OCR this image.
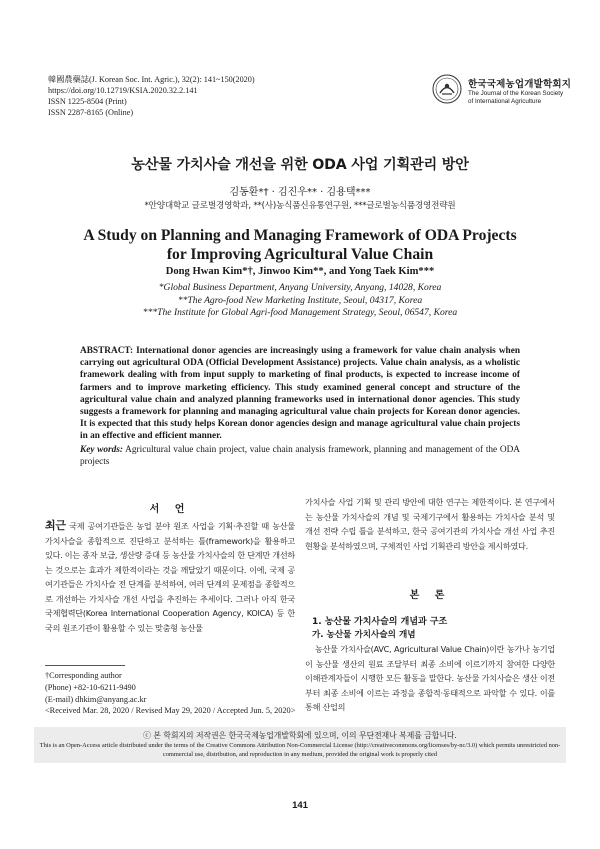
韓國農藥誌(J. Korean Soc. Int. Agric.), 32(2): 141~150(2020)
https://doi.org/10.12719/KSIA.2020.32.2.141
ISSN 1225-8504 (Print)
ISSN 2287-8165 (Online)
한국국제농업개발학회지
The Journal of the Korean Society
of International Agriculture
농산물 가치사슬 개선을 위한 ODA 사업 기획관리 방안
김동환*† · 김진우** · 김용택***
*안양대학교 글로벌경영학과, **(사)농식품신유통연구원, ***글로벌농식품경영전략원
A Study on Planning and Managing Framework of ODA Projects
for Improving Agricultural Value Chain
Dong Hwan Kim*†, Jinwoo Kim**, and Yong Taek Kim***
*Global Business Department, Anyang University, Anyang, 14028, Korea
**The Agro-food New Marketing Institute, Seoul, 04317, Korea
***The Institute for Global Agri-food Management Strategy, Seoul, 06547, Korea
ABSTRACT: International donor agencies are increasingly using a framework for value chain analysis when carrying out agricultural ODA (Official Development Assistance) projects. Value chain analysis, as a wholistic framework dealing with from input supply to marketing of final products, is expected to increase income of farmers and to improve marketing efficiency. This study examined general concept and structure of the agricultural value chain and analyzed planning frameworks used in international donor agencies. This study suggests a framework for planning and managing agricultural value chain projects for Korean donor agencies. It is expected that this study helps Korean donor agencies design and manage agricultural value chain projects in an effective and efficient manner.
Key words: Agricultural value chain project, value chain analysis framework, planning and management of the ODA projects
서 언
최근 국제 공여기관들은 농업 분야 원조 사업을 기획·추진할 때 농산물 가치사슬을 종합적으로 진단하고 분석하는 틀(framework)을 활용하고 있다. 이는 종자 보급, 생산량 증대 등 농산물 가치사슬의 한 단계만 개선하는 것으로는 효과가 제한적이라는 것을 깨달았기 때문이다. 이에, 국제 공여기관들은 가치사슬 전 단계를 분석하여, 여러 단계의 문제점을 종합적으로 개선하는 가치사슬 개선 사업을 추진하는 추세이다. 그러나 아직 한국국제협력단(Korea International Cooperation Agency, KOICA) 등 한국의 원조기관이 활용할 수 있는 맞춤형 농산물
†Corresponding author
(Phone) +82-10-6211-9490
(E-mail) dhkim@anyang.ac.kr
<Received Mar. 28, 2020 / Revised May 29, 2020 / Accepted Jun. 5, 2020>
가치사슬 사업 기획 및 관리 방안에 대한 연구는 제한적이다. 본 연구에서는 농산물 가치사슬의 개념 및 국제기구에서 활용하는 가치사슬 분석 및 개선 전략 수립 틀을 분석하고, 한국 공여기관의 가치사슬 개선 사업 추진 현황을 분석하였으며, 구체적인 사업 기획관리 방안을 제시하였다.
본 론
1. 농산물 가치사슬의 개념과 구조
가. 농산물 가치사슬의 개념
농산물 가치사슬(AVC, Agricultural Value Chain)이란 농가나 농기업이 농산물 생산의 원료 조달부터 최종 소비에 이르기까지 참여한 다양한 이해관계자들이 시행한 모든 활동을 말한다. 농산물 가치사슬은 생산 이전부터 최종 소비에 이르는 과정을 종합적·동태적으로 파악할 수 있다. 이를 통해 산업의
ⓒ 본 학회지의 저작권은 한국국제농업개발학회에 있으며, 이의 무단전재나 복제를 금합니다.
This is an Open-Access article distributed under the terms of the Creative Commons Attribution Non-Commercial License (http://creativecommons.org/licenses/by-nc/3.0) which permits unrestricted non-commercial use, distribution, and reproduction in any medium, provided the original work is properly cited
141
